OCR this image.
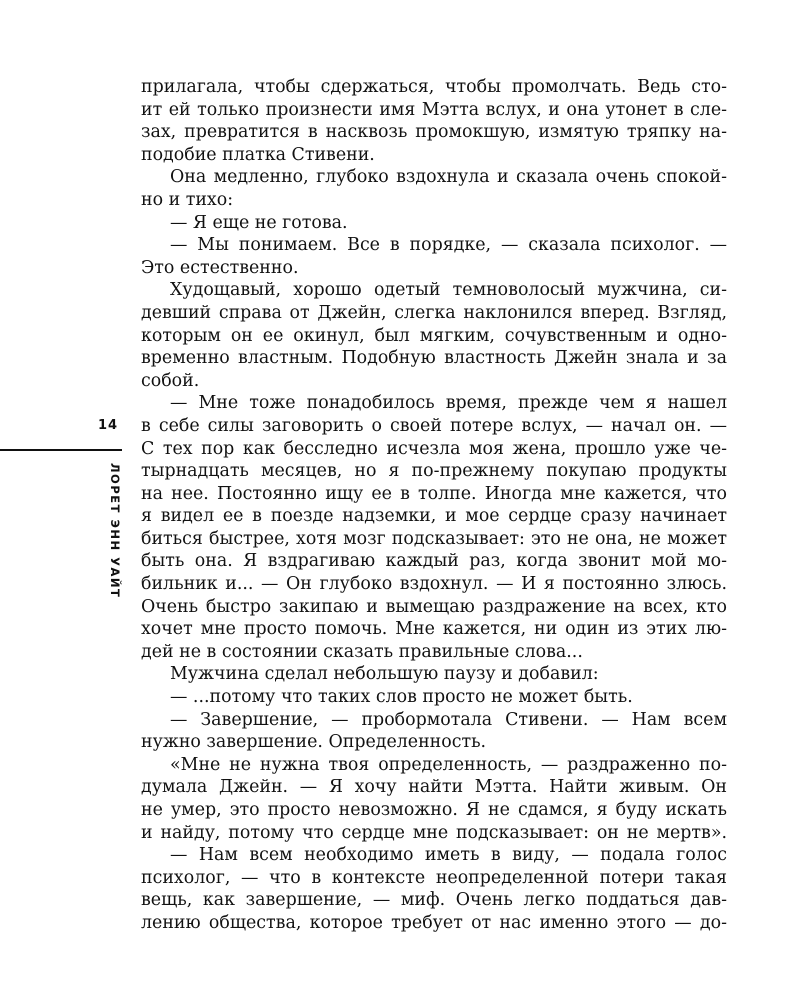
14
ЛОРЕТ ЭНН УАЙТ
прилагала, чтобы сдержаться, чтобы промолчать. Ведь сто-
ит ей только произнести имя Мэтта вслух, и она утонет в сле-
зах, превратится в насквозь промокшую, измятую тряпку на-
подобие платка Стивени.
Она медленно, глубоко вздохнула и сказала очень спокой-
но и тихо:
— Я еще не готова.
— Мы понимаем. Все в порядке, — сказала психолог. —
Это естественно.
Худощавый, хорошо одетый темноволосый мужчина, си-
девший справа от Джейн, слегка наклонился вперед. Взгляд,
которым он ее окинул, был мягким, сочувственным и одно-
временно властным. Подобную властность Джейн знала и за
собой.
— Мне тоже понадобилось время, прежде чем я нашел
в себе силы заговорить о своей потере вслух, — начал он. —
С тех пор как бесследно исчезла моя жена, прошло уже че-
тырнадцать месяцев, но я по-прежнему покупаю продукты
на нее. Постоянно ищу ее в толпе. Иногда мне кажется, что
я видел ее в поезде надземки, и мое сердце сразу начинает
биться быстрее, хотя мозг подсказывает: это не она, не может
быть она. Я вздрагиваю каждый раз, когда звонит мой мо-
бильник и... — Он глубоко вздохнул. — И я постоянно злюсь.
Очень быстро закипаю и вымещаю раздражение на всех, кто
хочет мне просто помочь. Мне кажется, ни один из этих лю-
дей не в состоянии сказать правильные слова...
Мужчина сделал небольшую паузу и добавил:
— ...потому что таких слов просто не может быть.
— Завершение, — пробормотала Стивени. — Нам всем
нужно завершение. Определенность.
«Мне не нужна твоя определенность, — раздраженно по-
думала Джейн. — Я хочу найти Мэтта. Найти живым. Он
не умер, это просто невозможно. Я не сдамся, я буду искать
и найду, потому что сердце мне подсказывает: он не мертв».
— Нам всем необходимо иметь в виду, — подала голос
психолог, — что в контексте неопределенной потери такая
вещь, как завершение, — миф. Очень легко поддаться дав-
лению общества, которое требует от нас именно этого — до-
